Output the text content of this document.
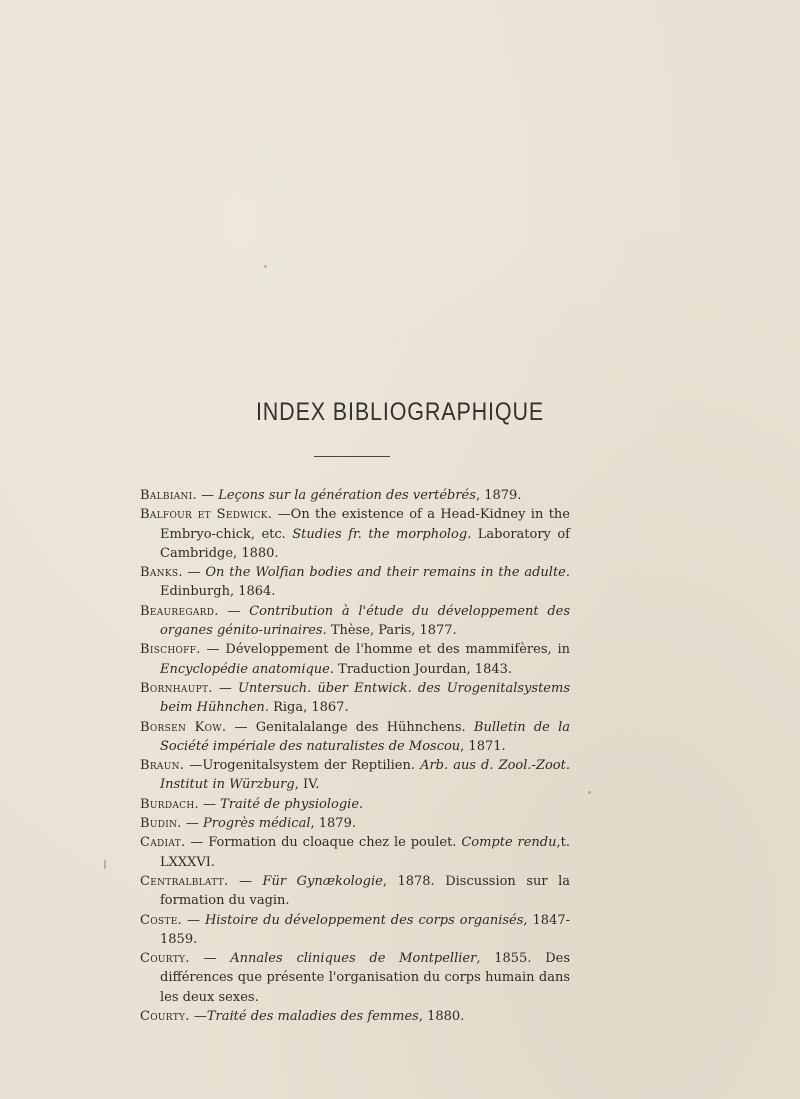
INDEX BIBLIOGRAPHIQUE
Balbiani. — Leçons sur la génération des vertébrés, 1879.
Balfour et Sedwick. —On the existence of a Head-Kidney in the Embryo-chick, etc. Studies fr. the morpholog. Laboratory of Cambridge, 1880.
Banks. — On the Wolfian bodies and their remains in the adulte. Edinburgh, 1864.
Beauregard. — Contribution à l'étude du développement des organes génito-urinaires. Thèse, Paris, 1877.
Bischoff. — Développement de l'homme et des mammifères, in Encyclopédie anatomique. Traduction Jourdan, 1843.
Bornhaupt. — Untersuch. über Entwick. des Urogenitalsystems beim Hühnchen. Riga, 1867.
Borsen Kow. — Genitalalange des Hühnchens. Bulletin de la Société impériale des naturalistes de Moscou, 1871.
Braun. —Urogenitalsystem der Reptilien. Arb. aus d. Zool.-Zoot. Institut in Würzburg, IV.
Burdach. — Traité de physiologie.
Budin. — Progrès médical, 1879.
Cadiat. — Formation du cloaque chez le poulet. Compte rendu,t. LXXXVI.
Centralblatt. — Für Gynækologie, 1878. Discussion sur la formation du vagin.
Coste. — Histoire du développement des corps organisés, 1847-1859.
Courty. — Annales cliniques de Montpellier, 1855. Des différences que présente l'organisation du corps humain dans les deux sexes.
Courty. —Traité des maladies des femmes, 1880.
